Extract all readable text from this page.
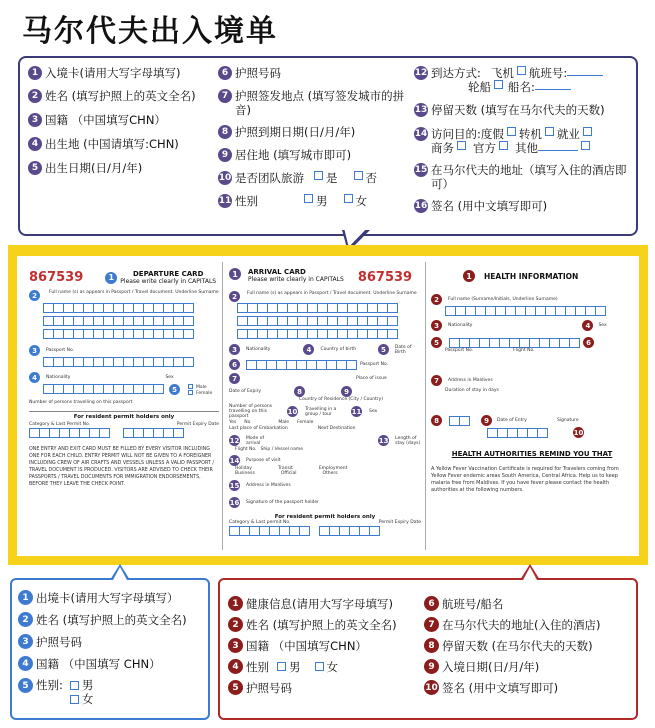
马尔代夫出入境单
1 入境卡(请用大写字母填写)
2 姓名 (填写护照上的英文全名)
3 国籍 （中国填写CHN）
4 出生地 (中国请填写:CHN)
5 出生日期(日/月/年)
6 护照号码
7 护照签发地点 (填写签发城市的拼音)
8 护照到期日期(日/月/年)
9 居住地 (填写城市即可)
10 是否团队旅游 是 否
11 性别	男 女
12 到达方式: 飞机 航班号:
轮船 船名:
13 停留天数 (填写在马尔代夫的天数)
14 访问目的: 度假 转机 就业
商务 官方 其他
15 在马尔代夫的地址（填写入住的酒店即可）
16 签名 (用中文填写即可)
867539	1	DEPARTURE CARD
Please write clearly in CAPITALS
2	Full name (s) as appears in Passport / Travel document. Underline Surname
3	Passport No.
4	Nationality	Sex
5	Male
Female
Number of persons travelling on this passport
For resident permit holders only
Category & Last Permit No.	Permit Expiry Date
ONE ENTRY AND EXIT CARD MUST BE FILLED BY EVERY VISITOR INCLUDING ONE FOR EACH CHILD. ENTRY PERMIT WILL NOT BE GIVEN TO A FOREIGNER INCLUDING CREW OF AIR CRAFTS AND VESSELS UNLESS A VALID PASSPORT / TRAVEL DOCUMENT IS PRODUCED. VISITORS ARE ADVISED TO CHECK THEIR PASSPORTS / TRAVEL DOCUMENTS FOR IMMIGRATION ENDORSEMENTS, BEFORE THEY LEAVE THE CHECK POINT.
1	ARRIVAL CARD
Please write clearly in CAPITALS 867539
2	Full name (s) as appears in Passport / Travel document. Underline Surname
3	Nationality	4	Country of birth	5	Date of Birth
6	Passport No.
7	Place of issue
Date of Expiry	8	9
Country of Residence (City / Country)
Number of persons travelling on this passport
10 Travelling in a group / tour	11 Sex
Yes No	Male Female
Last place of Embarkation	Next Destination
12 Mode of arrival	13 Length of stay (days)
Flight No. Ship / Vessel name
14 Purpose of visit
Holiday	Transit	Employment
Business	Official	Others
15 Address in Maldives
16 Signature of the passport holder
For resident permit holders only
Category & Last permit No.	Permit Expiry Date
1	HEALTH INFORMATION
2	Full name (Surname/Initials, Underline Surname)
3	Nationality	4	Sex
5	6
Passport No.	Flight No.
7	Address in Maldives
Duration of stay in days
8	9	Date of Entry	Signature
10
HEALTH AUTHORITIES REMIND YOU THAT
A Yellow Fever Vaccination Certificate is required for Travelers coming from Yellow Fever endemic areas South America, Central Africa. Help us to keep malaria free from Maldives. If you have fever please contact the health authorities at the following numbers.
1 出境卡(请用大写字母填写）
2 姓名 (填写护照上的英文全名)
3 护照号码
4 国籍 （中国填写 CHN）
5 性别:	男
女
1 健康信息(请用大写字母填写)
2 姓名 (填写护照上的英文全名)
3 国籍 （中国填写CHN）
4 性别 男 女
5 护照号码
6 航班号/船名
7 在马尔代夫的地址(入住的酒店)
8 停留天数 (在马尔代夫的天数)
9 入境日期(日/月/年)
10 签名 (用中文填写即可)
